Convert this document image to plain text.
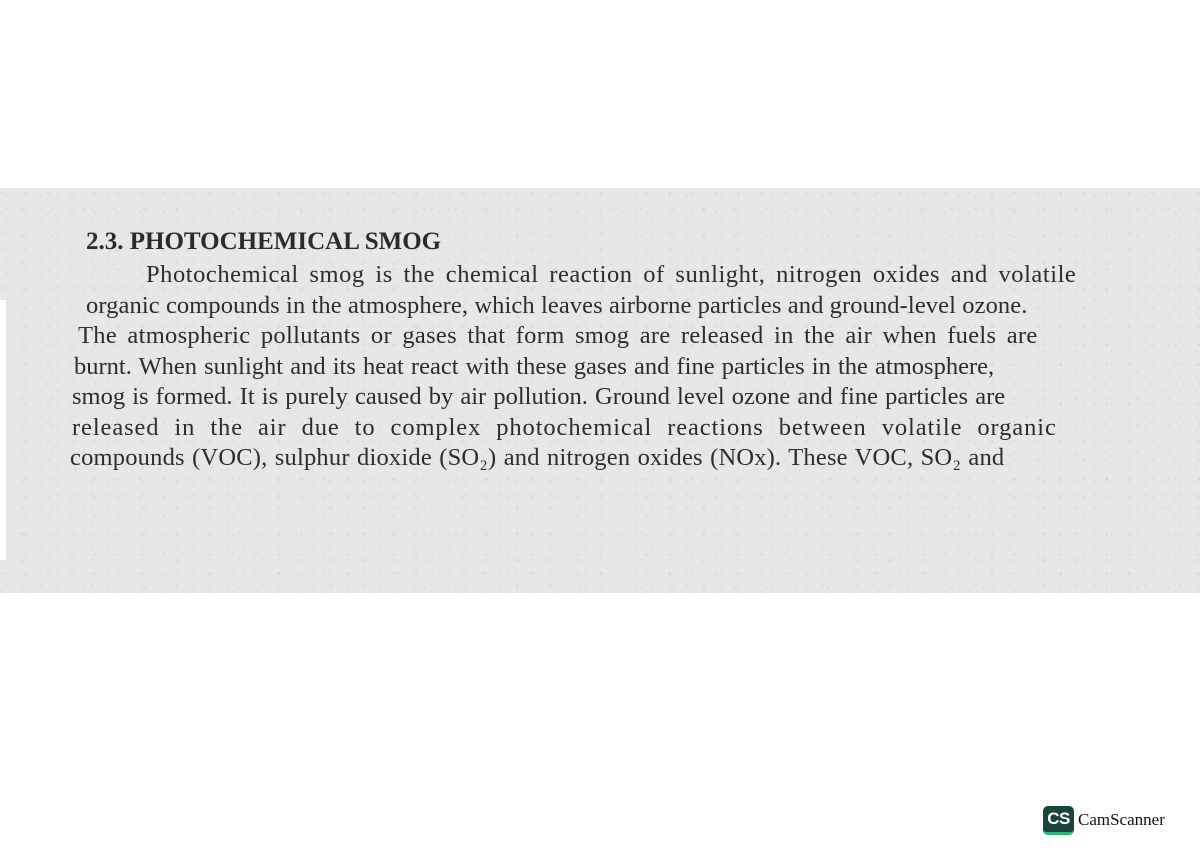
2.3. PHOTOCHEMICAL SMOG
Photochemical smog is the chemical reaction of sunlight, nitrogen oxides and volatile
organic compounds in the atmosphere, which leaves airborne particles and ground-level ozone.
The atmospheric pollutants or gases that form smog are released in the air when fuels are
burnt. When sunlight and its heat react with these gases and fine particles in the atmosphere,
smog is formed. It is purely caused by air pollution. Ground level ozone and fine particles are
released in the air due to complex photochemical reactions between volatile organic
compounds (VOC), sulphur dioxide (SO₂) and nitrogen oxides (NOx). These VOC, SO₂ and
CS CamScanner
